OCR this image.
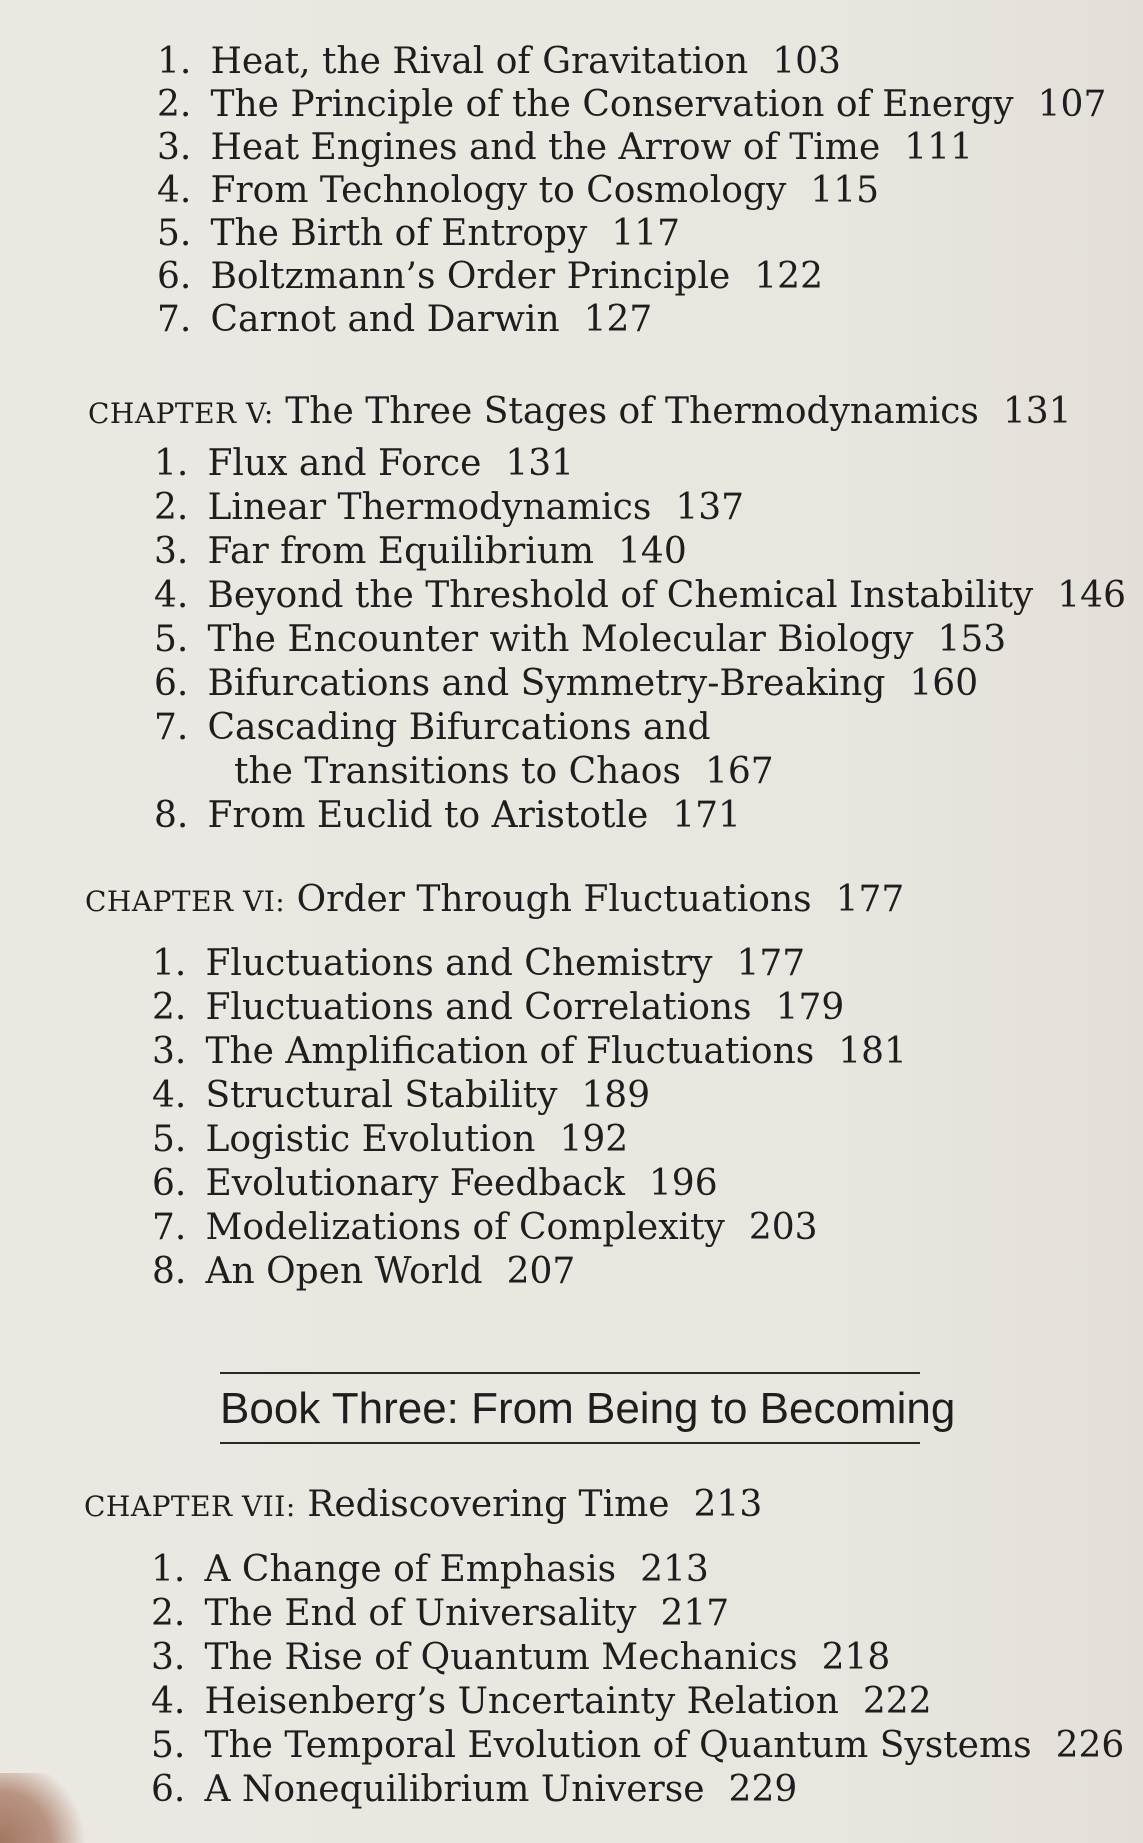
1. Heat, the Rival of Gravitation 103
2. The Principle of the Conservation of Energy 107
3. Heat Engines and the Arrow of Time 111
4. From Technology to Cosmology 115
5. The Birth of Entropy 117
6. Boltzmann’s Order Principle 122
7. Carnot and Darwin 127
CHAPTER V: The Three Stages of Thermodynamics 131
1. Flux and Force 131
2. Linear Thermodynamics 137
3. Far from Equilibrium 140
4. Beyond the Threshold of Chemical Instability 146
5. The Encounter with Molecular Biology 153
6. Bifurcations and Symmetry-Breaking 160
7. Cascading Bifurcations and
the Transitions to Chaos 167
8. From Euclid to Aristotle 171
CHAPTER VI: Order Through Fluctuations 177
1. Fluctuations and Chemistry 177
2. Fluctuations and Correlations 179
3. The Amplification of Fluctuations 181
4. Structural Stability 189
5. Logistic Evolution 192
6. Evolutionary Feedback 196
7. Modelizations of Complexity 203
8. An Open World 207
Book Three: From Being to Becoming
CHAPTER VII: Rediscovering Time 213
1. A Change of Emphasis 213
2. The End of Universality 217
3. The Rise of Quantum Mechanics 218
4. Heisenberg’s Uncertainty Relation 222
5. The Temporal Evolution of Quantum Systems 226
6. A Nonequilibrium Universe 229
